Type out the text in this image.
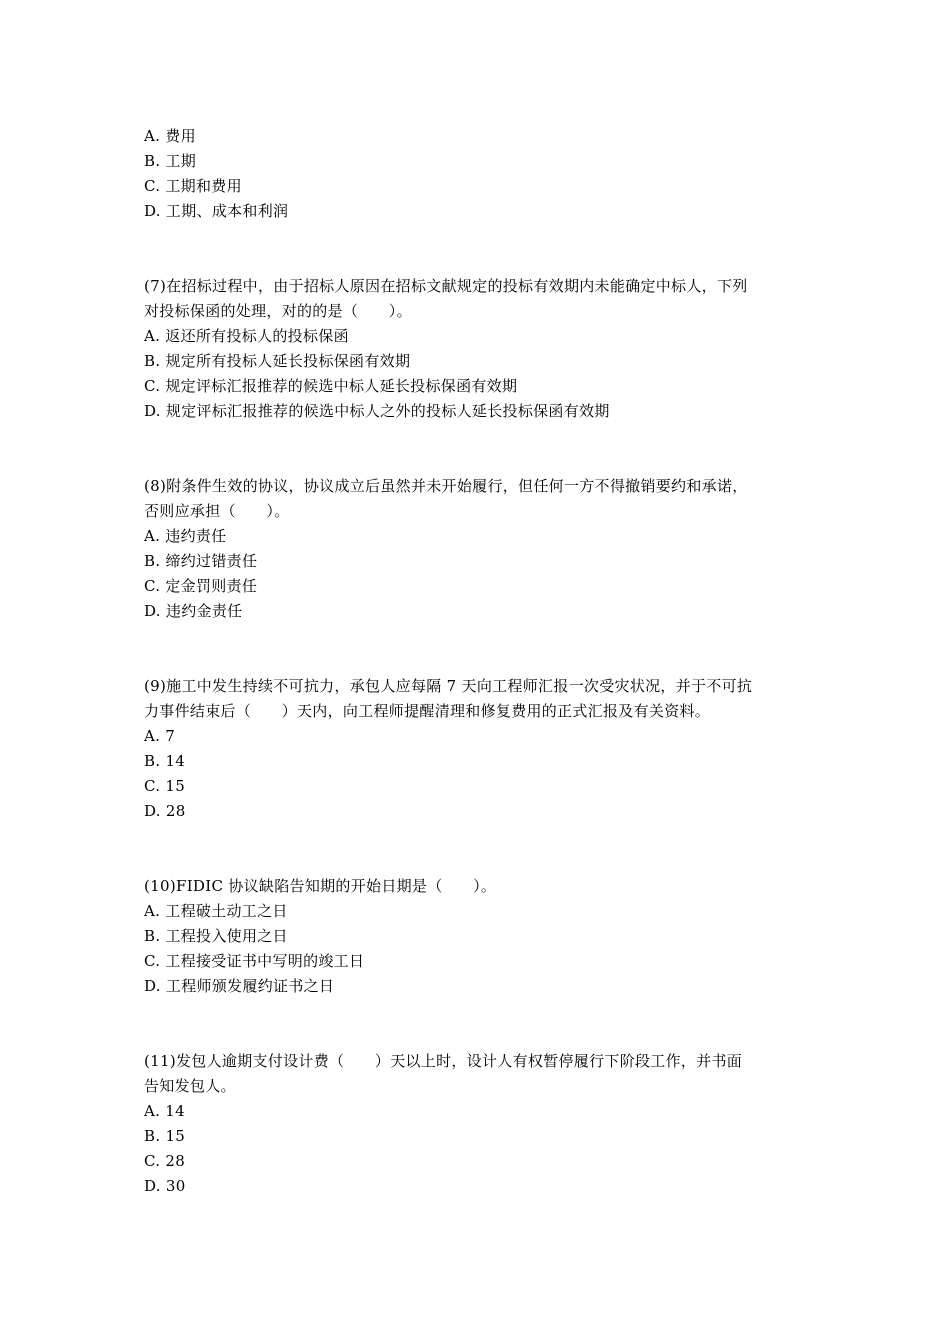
A. 费用
B. 工期
C. 工期和费用
D. 工期、成本和利润
(7)在招标过程中，由于招标人原因在招标文献规定的投标有效期内未能确定中标人，下列
对投标保函的处理，对的的是（　　）。
A. 返还所有投标人的投标保函
B. 规定所有投标人延长投标保函有效期
C. 规定评标汇报推荐的候选中标人延长投标保函有效期
D. 规定评标汇报推荐的候选中标人之外的投标人延长投标保函有效期
(8)附条件生效的协议，协议成立后虽然并未开始履行，但任何一方不得撤销要约和承诺，
否则应承担（　　）。
A. 违约责任
B. 缔约过错责任
C. 定金罚则责任
D. 违约金责任
(9)施工中发生持续不可抗力，承包人应每隔 7 天向工程师汇报一次受灾状况，并于不可抗
力事件结束后（　　）天内，向工程师提醒清理和修复费用的正式汇报及有关资料。
A. 7
B. 14
C. 15
D. 28
(10)FIDIC 协议缺陷告知期的开始日期是（　　）。
A. 工程破土动工之日
B. 工程投入使用之日
C. 工程接受证书中写明的竣工日
D. 工程师颁发履约证书之日
(11)发包人逾期支付设计费（　　）天以上时，设计人有权暂停履行下阶段工作，并书面
告知发包人。
A. 14
B. 15
C. 28
D. 30
